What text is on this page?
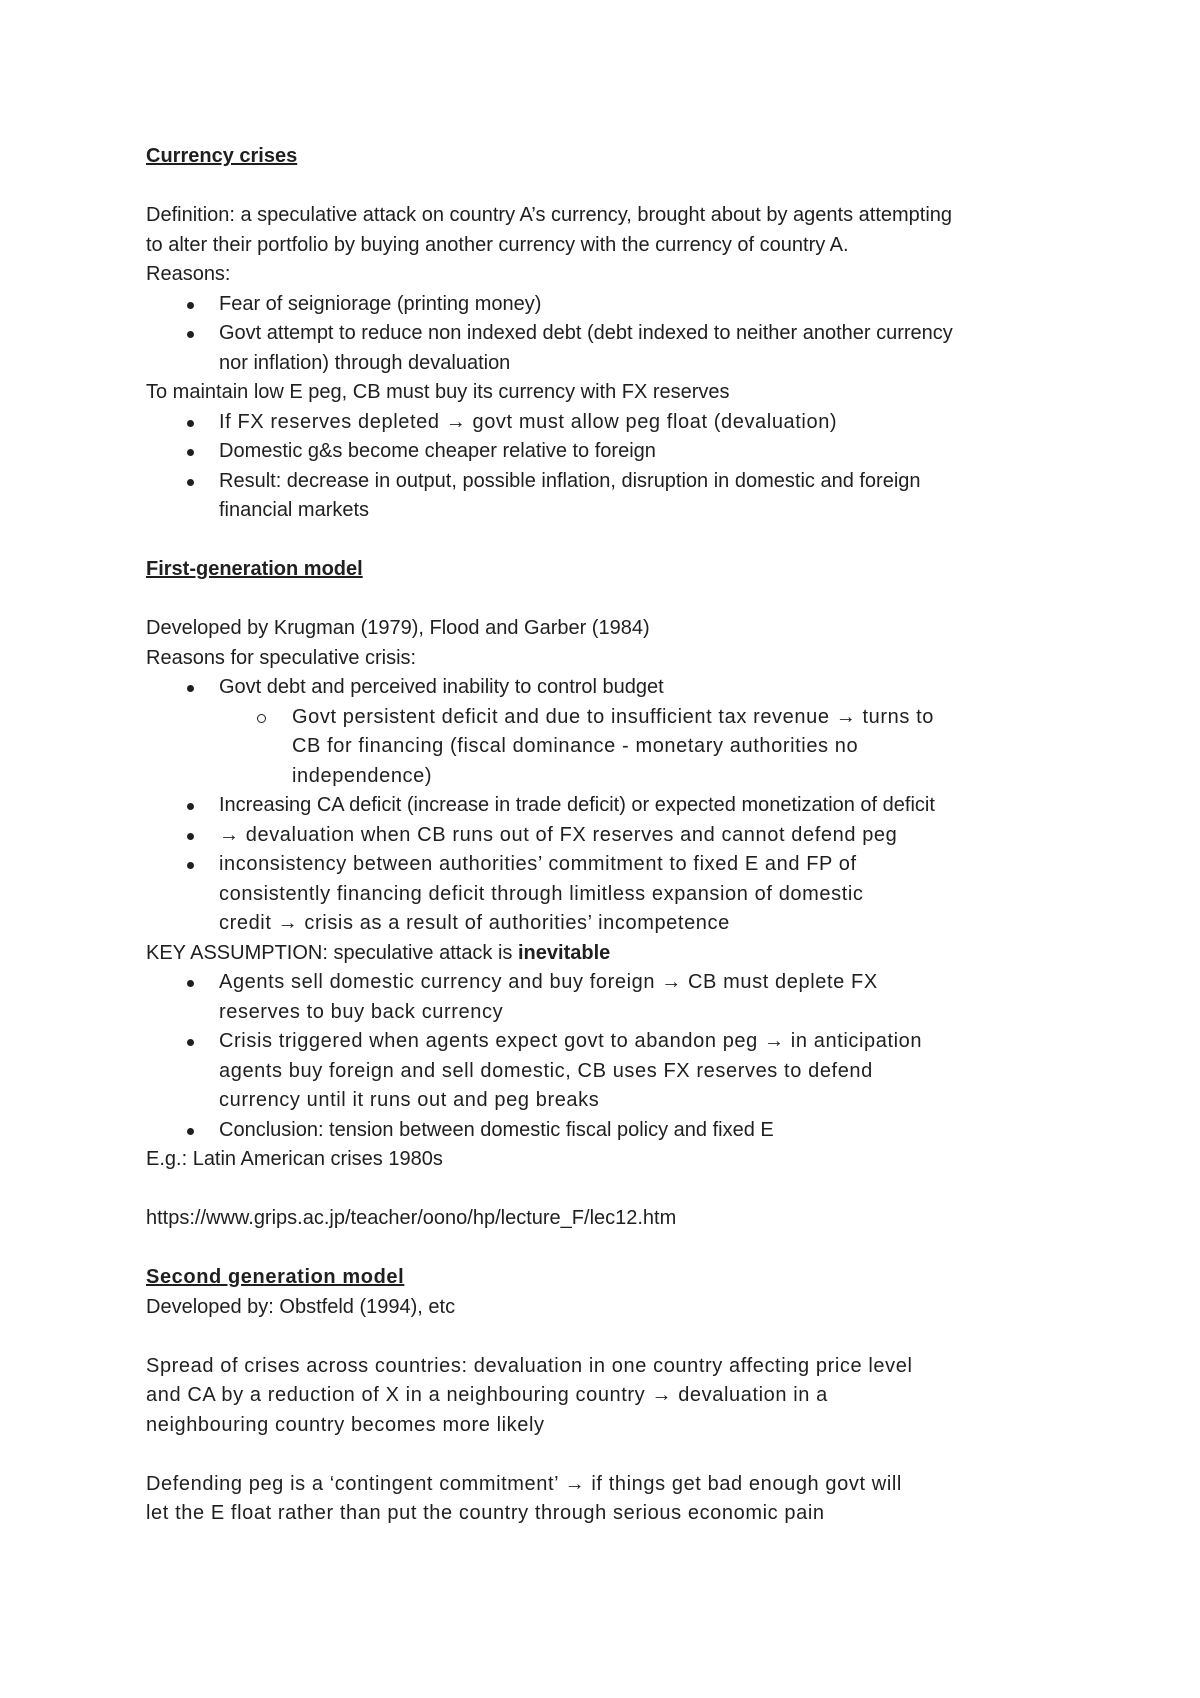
Currency crises
Definition: a speculative attack on country A’s currency, brought about by agents attempting
to alter their portfolio by buying another currency with the currency of country A.
Reasons:
Fear of seigniorage (printing money)
Govt attempt to reduce non indexed debt (debt indexed to neither another currency
nor inflation) through devaluation
To maintain low E peg, CB must buy its currency with FX reserves
If FX reserves depleted → govt must allow peg float (devaluation)
Domestic g&s become cheaper relative to foreign
Result: decrease in output, possible inflation, disruption in domestic and foreign
financial markets
First-generation model
Developed by Krugman (1979), Flood and Garber (1984)
Reasons for speculative crisis:
Govt debt and perceived inability to control budget
Govt persistent deficit and due to insufficient tax revenue → turns to
CB for financing (fiscal dominance - monetary authorities no
independence)
Increasing CA deficit (increase in trade deficit) or expected monetization of deficit
→ devaluation when CB runs out of FX reserves and cannot defend peg
inconsistency between authorities’ commitment to fixed E and FP of
consistently financing deficit through limitless expansion of domestic
credit → crisis as a result of authorities’ incompetence
KEY ASSUMPTION: speculative attack is inevitable
Agents sell domestic currency and buy foreign → CB must deplete FX
reserves to buy back currency
Crisis triggered when agents expect govt to abandon peg → in anticipation
agents buy foreign and sell domestic, CB uses FX reserves to defend
currency until it runs out and peg breaks
Conclusion: tension between domestic fiscal policy and fixed E
E.g.: Latin American crises 1980s
https://www.grips.ac.jp/teacher/oono/hp/lecture_F/lec12.htm
Second generation model
Developed by: Obstfeld (1994), etc
Spread of crises across countries: devaluation in one country affecting price level
and CA by a reduction of X in a neighbouring country → devaluation in a
neighbouring country becomes more likely
Defending peg is a ‘contingent commitment’ → if things get bad enough govt will
let the E float rather than put the country through serious economic pain
